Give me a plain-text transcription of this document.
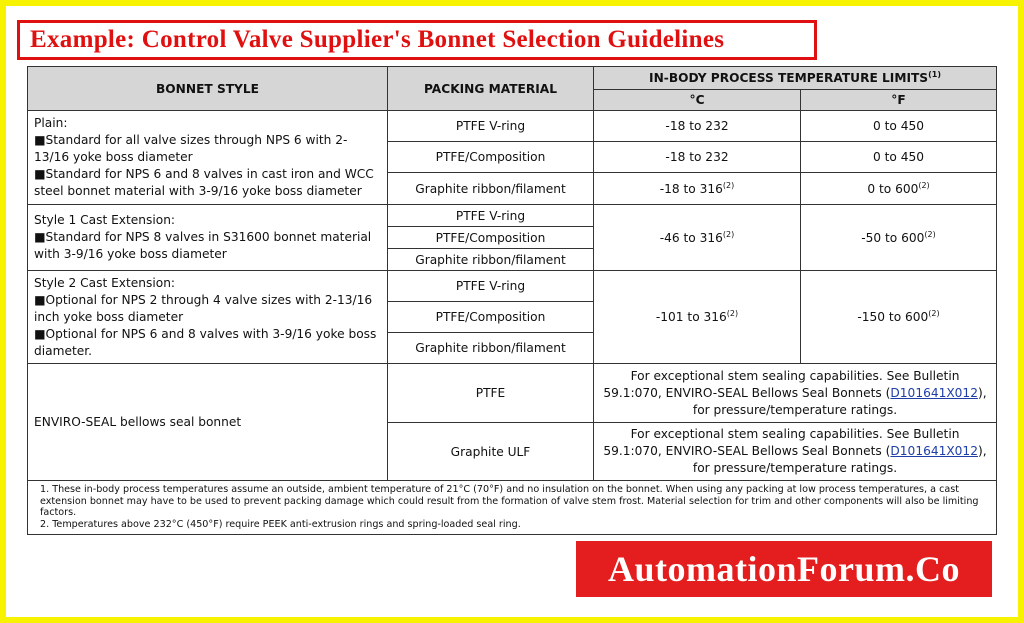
Example: Control Valve Supplier's Bonnet Selection Guidelines
BONNET STYLE	PACKING MATERIAL	IN-BODY PROCESS TEMPERATURE LIMITS$^{(1)}$
		°C	°F

Plain:
■Standard for all valve sizes through NPS 6 with 2-13/16 yoke boss diameter
■Standard for NPS 6 and 8 valves in cast iron and WCC steel bonnet material with 3-9/16 yoke boss diameter	PTFE V-ring	-18 to 232	0 to 450
	PTFE/Composition	-18 to 232	0 to 450
	Graphite ribbon/filament	-18 to 316$^{(2)}$	0 to 600$^{(2)}$

Style 1 Cast Extension:
■Standard for NPS 8 valves in S31600 bonnet material with 3-9/16 yoke boss diameter	PTFE V-ring	-46 to 316$^{(2)}$	-50 to 600$^{(2)}$
	PTFE/Composition		
	Graphite ribbon/filament		

Style 2 Cast Extension:
■Optional for NPS 2 through 4 valve sizes with 2-13/16 inch yoke boss diameter
■Optional for NPS 6 and 8 valves with 3-9/16 yoke boss diameter.	PTFE V-ring	-101 to 316$^{(2)}$	-150 to 600$^{(2)}$
	PTFE/Composition		
	Graphite ribbon/filament		
ENVIRO-SEAL bellows seal bonnet	PTFE	For exceptional stem sealing capabilities. See Bulletin 59.1:070, ENVIRO-SEAL Bellows Seal Bonnets (D101641X012), for pressure/temperature ratings.	
	Graphite ULF	For exceptional stem sealing capabilities. See Bulletin 59.1:070, ENVIRO-SEAL Bellows Seal Bonnets (D101641X012), for pressure/temperature ratings.	

1. These in-body process temperatures assume an outside, ambient temperature of 21°C (70°F) and no insulation on the bonnet. When using any packing at low process temperatures, a cast extension bonnet may have to be used to prevent packing damage which could result from the formation of valve stem frost. Material selection for trim and other components will also be limiting factors.
2. Temperatures above 232°C (450°F) require PEEK anti-extrusion rings and spring-loaded seal ring.			
AutomationForum.Co
